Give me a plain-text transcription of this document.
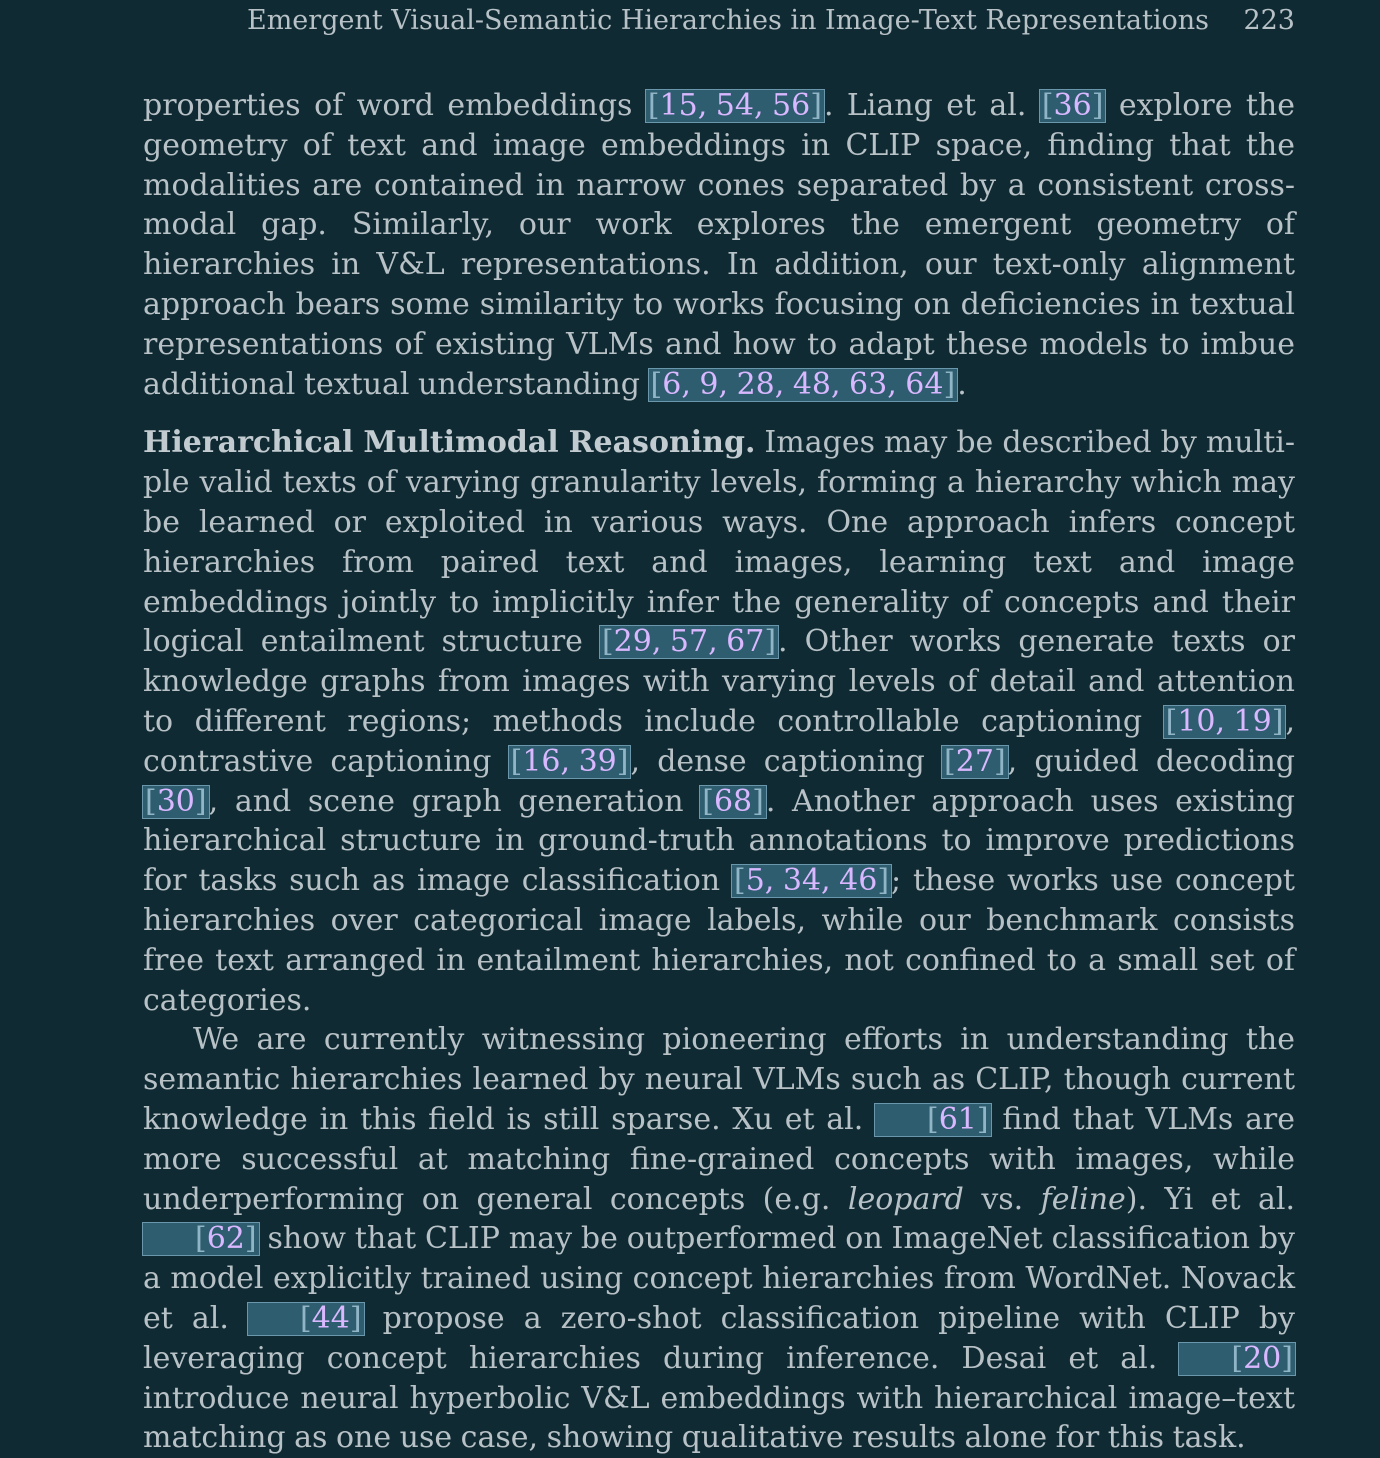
Emergent Visual-Semantic Hierarchies in Image-Text Representations 223

properties of word embeddings [15, 54, 56]. Liang et al. [36] explore the geometry of text and image embeddings in CLIP space, finding that the modalities are contained in narrow cones separated by a consistent cross-modal gap. Similarly, our work explores the emergent geometry of hierarchies in V&L representations. In addition, our text-only alignment approach bears some similarity to works focusing on deficiencies in textual representations of existing VLMs and how to adapt these models to imbue additional textual understanding [6, 9, 28, 48, 63, 64].

Hierarchical Multimodal Reasoning. Images may be described by multiple valid texts of varying granularity levels, forming a hierarchy which may be learned or exploited in various ways. One approach infers concept hierarchies from paired text and images, learning text and image embeddings jointly to implicitly infer the generality of concepts and their logical entailment structure [29, 57, 67]. Other works generate texts or knowledge graphs from images with varying levels of detail and attention to different regions; methods include controllable captioning [10, 19], contrastive captioning [16, 39], dense captioning [27], guided decoding [30], and scene graph generation [68]. Another approach uses existing hierarchical structure in ground-truth annotations to improve predictions for tasks such as image classification [5, 34, 46]; these works use concept hierarchies over categorical image labels, while our benchmark consists free text arranged in entailment hierarchies, not confined to a small set of categories.

We are currently witnessing pioneering efforts in understanding the semantic hierarchies learned by neural VLMs such as CLIP, though current knowledge in this field is still sparse. Xu et al. [61] find that VLMs are more successful at matching fine-grained concepts with images, while underperforming on general concepts (e.g. leopard vs. feline). Yi et al. [62] show that CLIP may be outperformed on ImageNet classification by a model explicitly trained using concept hierarchies from WordNet. Novack et al. [44] propose a zero-shot classification pipeline with CLIP by leveraging concept hierarchies during inference. Desai et al. [20] introduce neural hyperbolic V&L embeddings with hierarchical image–text matching as one use case, showing qualitative results alone for this task.
